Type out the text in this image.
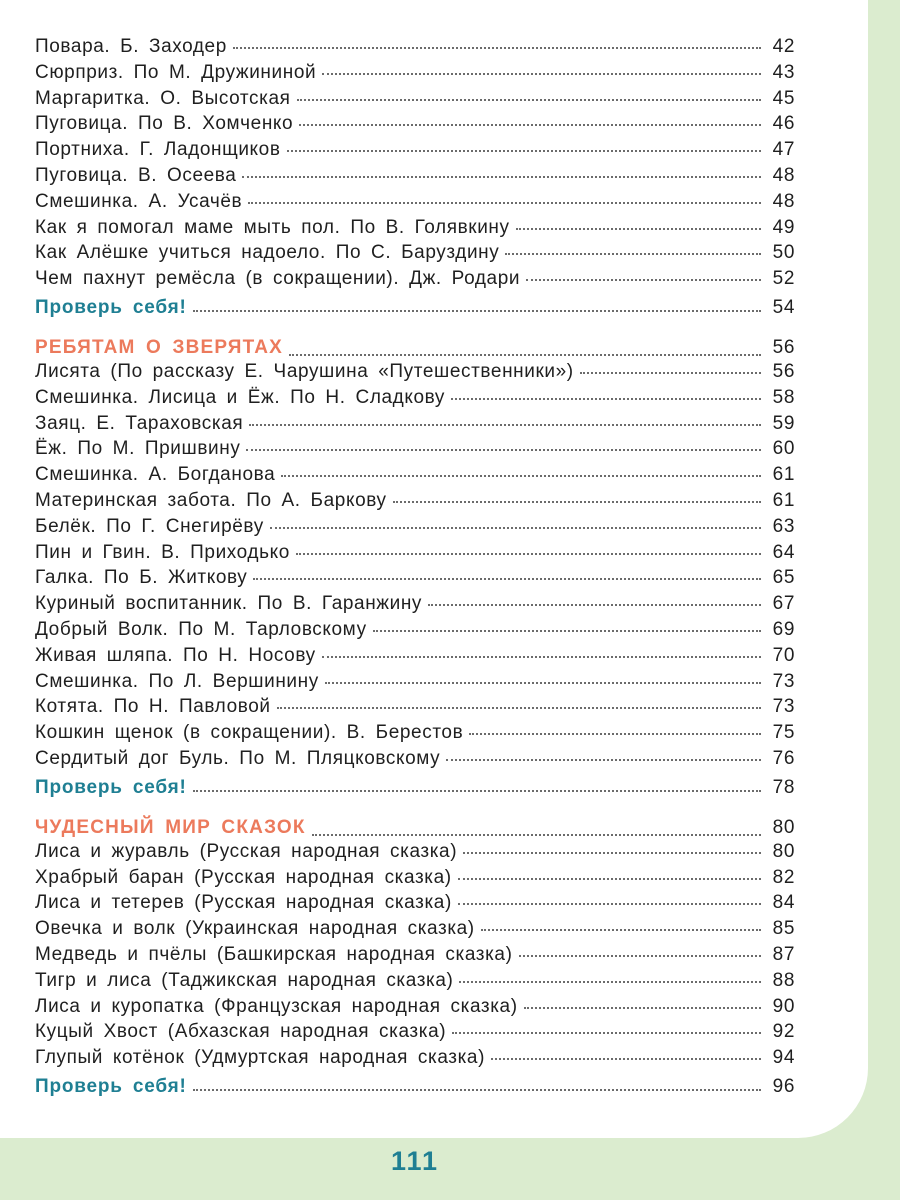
Повара. Б. Заходер	42
Сюрприз. По М. Дружининой	43
Маргаритка. О. Высотская	45
Пуговица. По В. Хомченко	46
Портниха. Г. Ладонщиков	47
Пуговица. В. Осеева	48
Смешинка. А. Усачёв	48
Как я помогал маме мыть пол. По В. Голявкину	49
Как Алёшке учиться надоело. По С. Баруздину	50
Чем пахнут ремёсла (в сокращении). Дж. Родари	52
Проверь себя!	54
РЕБЯТАМ О ЗВЕРЯТАХ	56
Лисята (По рассказу Е. Чарушина «Путешественники»)	56
Смешинка. Лисица и Ёж. По Н. Сладкову	58
Заяц. Е. Тараховская	59
Ёж. По М. Пришвину	60
Смешинка. А. Богданова	61
Материнская забота. По А. Баркову	61
Белёк. По Г. Снегирёву	63
Пин и Гвин. В. Приходько	64
Галка. По Б. Житкову	65
Куриный воспитанник. По В. Гаранжину	67
Добрый Волк. По М. Тарловскому	69
Живая шляпа. По Н. Носову	70
Смешинка. По Л. Вершинину	73
Котята. По Н. Павловой	73
Кошкин щенок (в сокращении). В. Берестов	75
Сердитый дог Буль. По М. Пляцковскому	76
Проверь себя!	78
ЧУДЕСНЫЙ МИР СКАЗОК	80
Лиса и журавль (Русская народная сказка)	80
Храбрый баран (Русская народная сказка)	82
Лиса и тетерев (Русская народная сказка)	84
Овечка и волк (Украинская народная сказка)	85
Медведь и пчёлы (Башкирская народная сказка)	87
Тигр и лиса (Таджикская народная сказка)	88
Лиса и куропатка (Французская народная сказка)	90
Куцый Хвост (Абхазская народная сказка)	92
Глупый котёнок (Удмуртская народная сказка)	94
Проверь себя!	96
111
